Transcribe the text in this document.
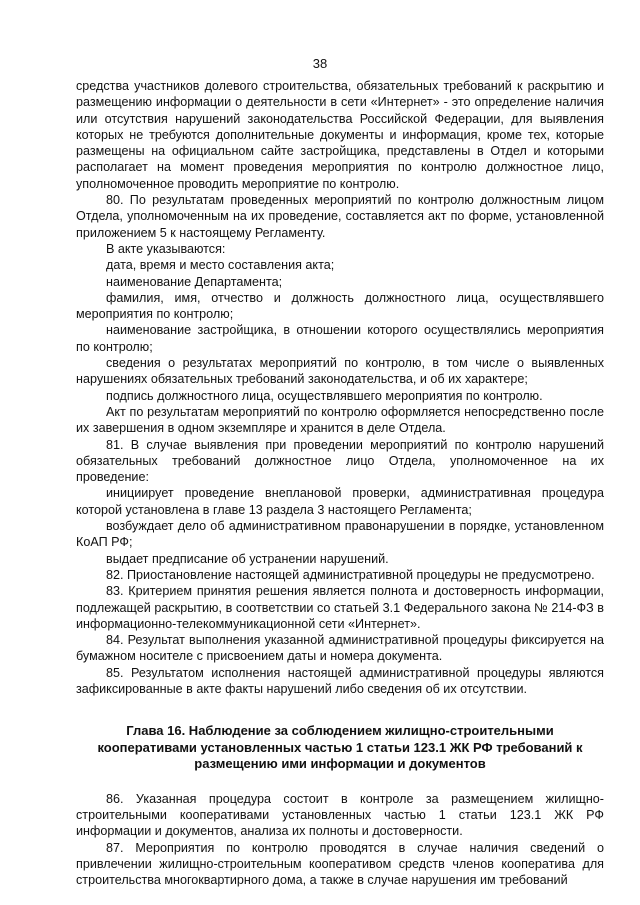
38

средства участников долевого строительства, обязательных требований к раскрытию и размещению информации о деятельности в сети «Интернет» - это определение наличия или отсутствия нарушений законодательства Российской Федерации, для выявления которых не требуются дополнительные документы и информация, кроме тех, которые размещены на официальном сайте застройщика, представлены в Отдел и которыми располагает на момент проведения мероприятия по контролю должностное лицо, уполномоченное проводить мероприятие по контролю.

80. По результатам проведенных мероприятий по контролю должностным лицом Отдела, уполномоченным на их проведение, составляется акт по форме, установленной приложением 5 к настоящему Регламенту.

В акте указываются:

дата, время и место составления акта;

наименование Департамента;

фамилия, имя, отчество и должность должностного лица, осуществлявшего мероприятия по контролю;

наименование застройщика, в отношении которого осуществлялись мероприятия по контролю;

сведения о результатах мероприятий по контролю, в том числе о выявленных нарушениях обязательных требований законодательства, и об их характере;

подпись должностного лица, осуществлявшего мероприятия по контролю.

Акт по результатам мероприятий по контролю оформляется непосредственно после их завершения в одном экземпляре и хранится в деле Отдела.

81. В случае выявления при проведении мероприятий по контролю нарушений обязательных требований должностное лицо Отдела, уполномоченное на их проведение:

инициирует проведение внеплановой проверки, административная процедура которой установлена в главе 13 раздела 3 настоящего Регламента;

возбуждает дело об административном правонарушении в порядке, установленном КоАП РФ;

выдает предписание об устранении нарушений.

82. Приостановление настоящей административной процедуры не предусмотрено.

83. Критерием принятия решения является полнота и достоверность информации, подлежащей раскрытию, в соответствии со статьей 3.1 Федерального закона № 214-ФЗ в информационно-телекоммуникационной сети «Интернет».

84. Результат выполнения указанной административной процедуры фиксируется на бумажном носителе с присвоением даты и номера документа.

85. Результатом исполнения настоящей административной процедуры являются зафиксированные в акте факты нарушений либо сведения об их отсутствии.

Глава 16. Наблюдение за соблюдением жилищно-строительными кооперативами установленных частью 1 статьи 123.1 ЖК РФ требований к размещению ими информации и документов

86. Указанная процедура состоит в контроле за размещением жилищно-строительными кооперативами установленных частью 1 статьи 123.1 ЖК РФ информации и документов, анализа их полноты и достоверности.

87. Мероприятия по контролю проводятся в случае наличия сведений о привлечении жилищно-строительным кооперативом средств членов кооператива для строительства многоквартирного дома, а также в случае нарушения им требований
